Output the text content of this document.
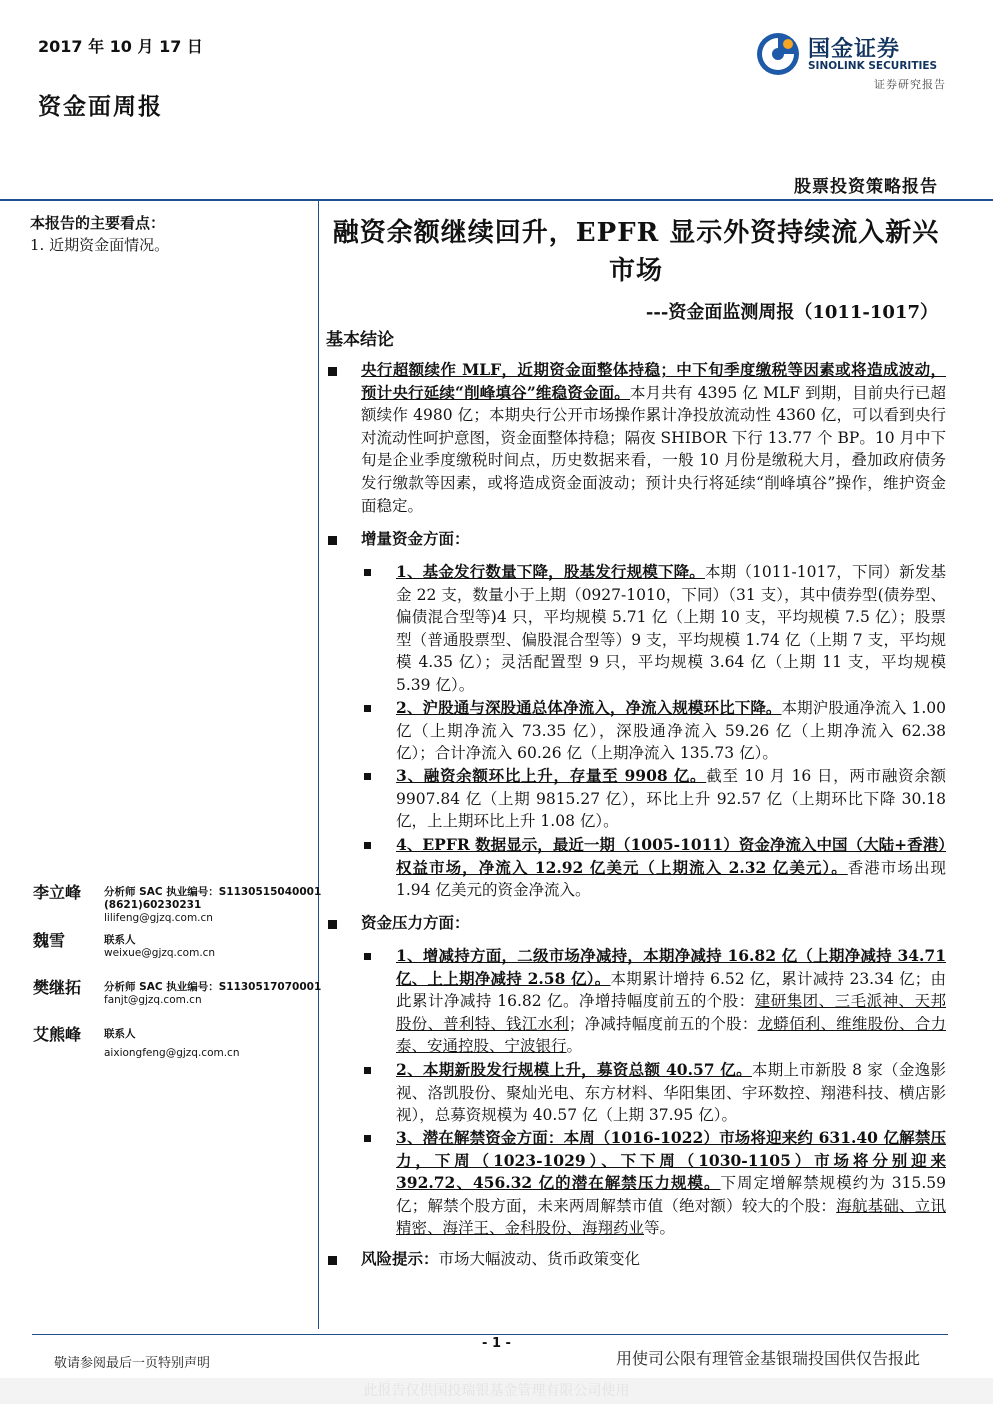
2017 年 10 月 17 日
资金面周报
国金证券
SINOLINK SECURITIES
证券研究报告
股票投资策略报告
本报告的主要看点：
1. 近期资金面情况。
李立峰 分析师 SAC 执业编号：S1130515040001
(8621)60230231
lilifeng@gjzq.com.cn
魏雪	联系人
weixue@gjzq.com.cn
樊继拓 分析师 SAC 执业编号：S1130517070001
fanjt@gjzq.com.cn
艾熊峰 联系人
aixiongfeng@gjzq.com.cn
融资余额继续回升，EPFR 显示外资持续流入新兴市场
---资金面监测周报（1011-1017）
基本结论
央行超额续作 MLF，近期资金面整体持稳；中下旬季度缴税等因素或将造成波动，预计央行延续“削峰填谷”维稳资金面。本月共有 4395 亿 MLF 到期，目前央行已超额续作 4980 亿；本期央行公开市场操作累计净投放流动性 4360 亿，可以看到央行对流动性呵护意图，资金面整体持稳；隔夜 SHIBOR 下行 13.77 个 BP。10 月中下旬是企业季度缴税时间点，历史数据来看，一般 10 月份是缴税大月，叠加政府债务发行缴款等因素，或将造成资金面波动；预计央行将延续“削峰填谷”操作，维护资金面稳定。
增量资金方面：
1、基金发行数量下降，股基发行规模下降。本期（1011-1017，下同）新发基金 22 支，数量小于上期（0927-1010，下同）（31 支），其中债券型(债券型、偏债混合型等)4 只，平均规模 5.71 亿（上期 10 支，平均规模 7.5 亿）；股票型（普通股票型、偏股混合型等）9 支，平均规模 1.74 亿（上期 7 支，平均规模 4.35 亿）；灵活配置型 9 只，平均规模 3.64 亿（上期 11 支，平均规模 5.39 亿）。
2、沪股通与深股通总体净流入，净流入规模环比下降。本期沪股通净流入 1.00 亿（上期净流入 73.35 亿），深股通净流入 59.26 亿（上期净流入 62.38 亿）；合计净流入 60.26 亿（上期净流入 135.73 亿）。
3、融资余额环比上升，存量至 9908 亿。截至 10 月 16 日，两市融资余额 9907.84 亿（上期 9815.27 亿），环比上升 92.57 亿（上期环比下降 30.18 亿，上上期环比上升 1.08 亿）。
4、EPFR 数据显示，最近一期（1005-1011）资金净流入中国（大陆+香港）权益市场，净流入 12.92 亿美元（上期流入 2.32 亿美元）。香港市场出现 1.94 亿美元的资金净流入。
资金压力方面：
1、增减持方面，二级市场净减持，本期净减持 16.82 亿（上期净减持 34.71 亿、上上期净减持 2.58 亿）。本期累计增持 6.52 亿，累计减持 23.34 亿；由此累计净减持 16.82 亿。净增持幅度前五的个股：建研集团、三毛派神、天邦股份、普利特、钱江水利；净减持幅度前五的个股：龙蟒佰利、维维股份、合力泰、安通控股、宁波银行。
2、本期新股发行规模上升，募资总额 40.57 亿。本期上市新股 8 家（金逸影视、洛凯股份、聚灿光电、东方材料、华阳集团、宇环数控、翔港科技、横店影视），总募资规模为 40.57 亿（上期 37.95 亿）。
3、潜在解禁资金方面：本周（1016-1022）市场将迎来约 631.40 亿解禁压力，下周（1023-1029）、下下周（1030-1105）市场将分别迎来 392.72、456.32 亿的潜在解禁压力规模。下周定增解禁规模约为 315.59 亿；解禁个股方面，未来两周解禁市值（绝对额）较大的个股：海航基础、立讯精密、海洋王、金科股份、海翔药业等。
风险提示：市场大幅波动、货币政策变化
- 1 -
敬请参阅最后一页特别声明	用使司公限有理管金基银瑞投国供仅告报此
此报告仅供国投瑞银基金管理有限公司使用
